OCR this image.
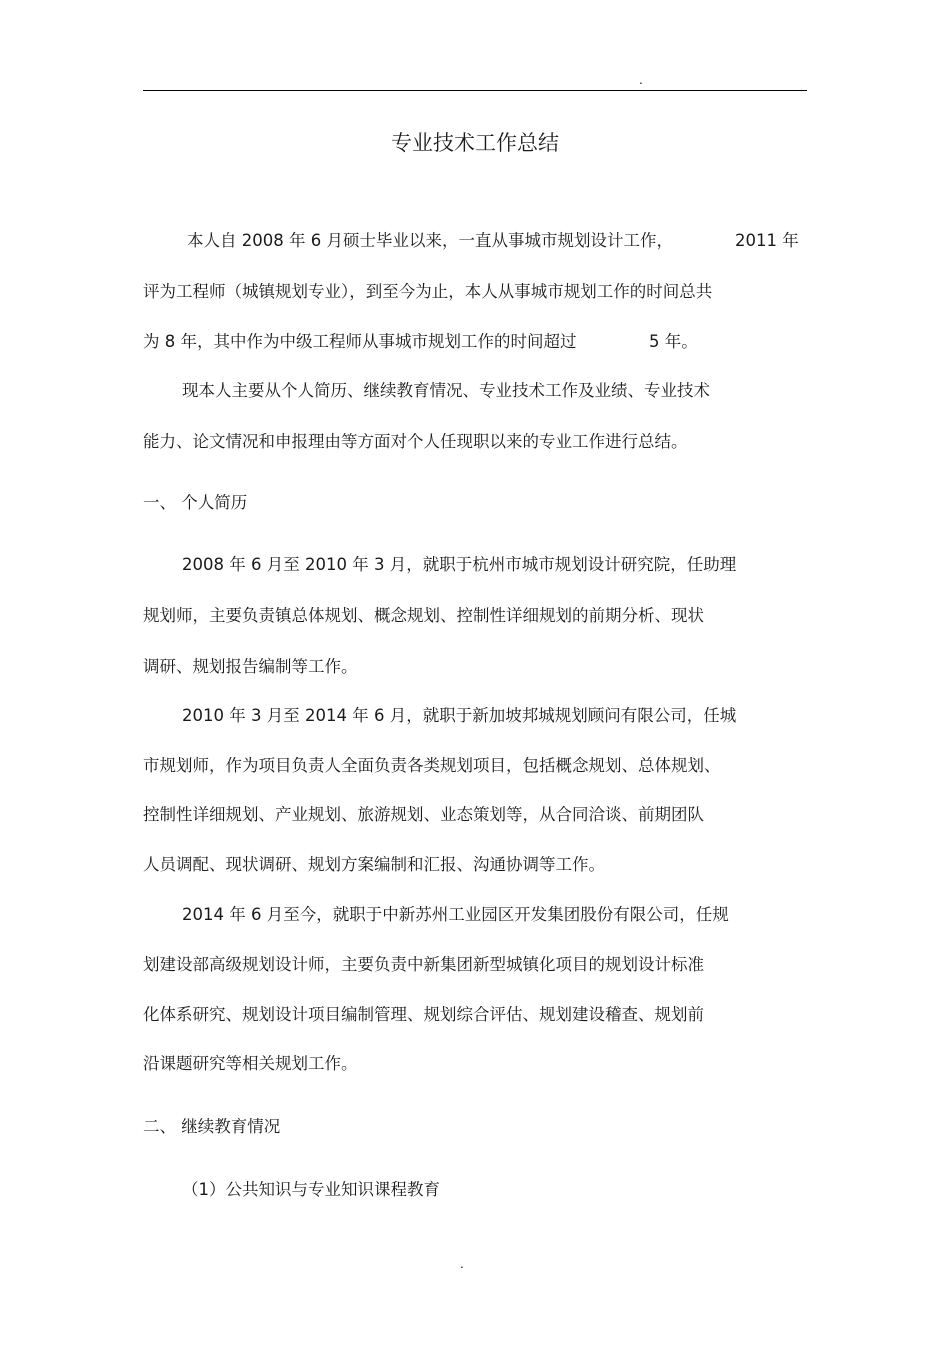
.
专业技术工作总结
本人自 2008 年 6 月硕士毕业以来，一直从事城市规划设计工作，	2011 年
评为工程师（城镇规划专业），到至今为止，本人从事城市规划工作的时间总共
为 8 年，其中作为中级工程师从事城市规划工作的时间超过	5 年。
现本人主要从个人简历、继续教育情况、专业技术工作及业绩、专业技术
能力、论文情况和申报理由等方面对个人任现职以来的专业工作进行总结。
一、 个人简历
2008 年 6 月至 2010 年 3 月，就职于杭州市城市规划设计研究院，任助理
规划师，主要负责镇总体规划、概念规划、控制性详细规划的前期分析、现状
调研、规划报告编制等工作。
2010 年 3 月至 2014 年 6 月，就职于新加坡邦城规划顾问有限公司，任城
市规划师，作为项目负责人全面负责各类规划项目，包括概念规划、总体规划、
控制性详细规划、产业规划、旅游规划、业态策划等，从合同洽谈、前期团队
人员调配、现状调研、规划方案编制和汇报、沟通协调等工作。
2014 年 6 月至今，就职于中新苏州工业园区开发集团股份有限公司，任规
划建设部高级规划设计师，主要负责中新集团新型城镇化项目的规划设计标准
化体系研究、规划设计项目编制管理、规划综合评估、规划建设稽查、规划前
沿课题研究等相关规划工作。
二、 继续教育情况
（1）公共知识与专业知识课程教育
.
